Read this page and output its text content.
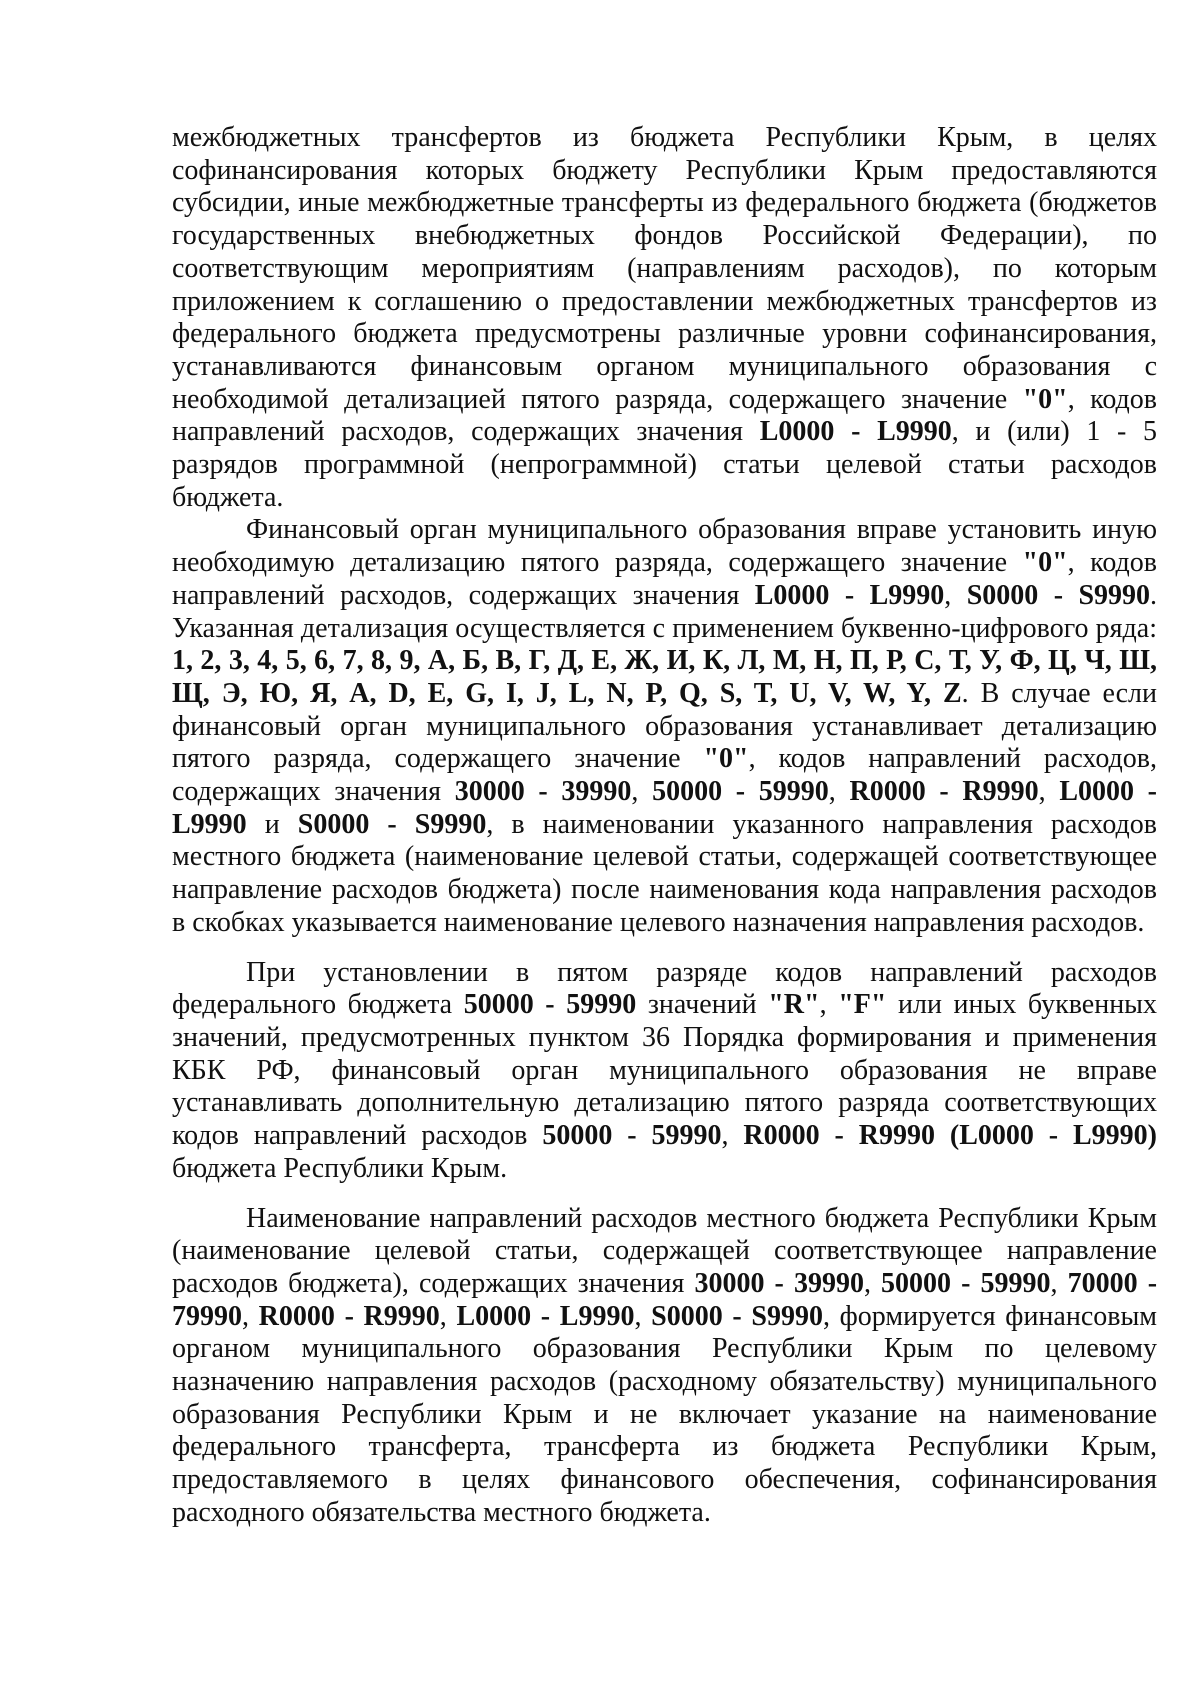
межбюджетных трансфертов из бюджета Республики Крым, в целях софинансирования которых бюджету Республики Крым предоставляются субсидии, иные межбюджетные трансферты из федерального бюджета (бюджетов государственных внебюджетных фондов Российской Федерации), по соответствующим мероприятиям (направлениям расходов), по которым приложением к соглашению о предоставлении межбюджетных трансфертов из федерального бюджета предусмотрены различные уровни софинансирования, устанавливаются финансовым органом муниципального образования с необходимой детализацией пятого разряда, содержащего значение "0", кодов направлений расходов, содержащих значения L0000 - L9990, и (или) 1 - 5 разрядов программной (непрограммной) статьи целевой статьи расходов бюджета.

Финансовый орган муниципального образования вправе установить иную необходимую детализацию пятого разряда, содержащего значение "0", кодов направлений расходов, содержащих значения L0000 - L9990, S0000 - S9990. Указанная детализация осуществляется с применением буквенно-цифрового ряда: 1, 2, 3, 4, 5, 6, 7, 8, 9, А, Б, В, Г, Д, Е, Ж, И, К, Л, М, Н, П, Р, С, Т, У, Ф, Ц, Ч, Ш, Щ, Э, Ю, Я, A, D, E, G, I, J, L, N, P, Q, S, T, U, V, W, Y, Z. В случае если финансовый орган муниципального образования устанавливает детализацию пятого разряда, содержащего значение "0", кодов направлений расходов, содержащих значения 30000 - 39990, 50000 - 59990, R0000 - R9990, L0000 - L9990 и S0000 - S9990, в наименовании указанного направления расходов местного бюджета (наименование целевой статьи, содержащей соответствующее направление расходов бюджета) после наименования кода направления расходов в скобках указывается наименование целевого назначения направления расходов.

При установлении в пятом разряде кодов направлений расходов федерального бюджета 50000 - 59990 значений "R", "F" или иных буквенных значений, предусмотренных пунктом 36 Порядка формирования и применения КБК РФ, финансовый орган муниципального образования не вправе устанавливать дополнительную детализацию пятого разряда соответствующих кодов направлений расходов 50000 - 59990, R0000 - R9990 (L0000 - L9990) бюджета Республики Крым.

Наименование направлений расходов местного бюджета Республики Крым (наименование целевой статьи, содержащей соответствующее направление расходов бюджета), содержащих значения 30000 - 39990, 50000 - 59990, 70000 - 79990, R0000 - R9990, L0000 - L9990, S0000 - S9990, формируется финансовым органом муниципального образования Республики Крым по целевому назначению направления расходов (расходному обязательству) муниципального образования Республики Крым и не включает указание на наименование федерального трансферта, трансферта из бюджета Республики Крым, предоставляемого в целях финансового обеспечения, софинансирования расходного обязательства местного бюджета.
